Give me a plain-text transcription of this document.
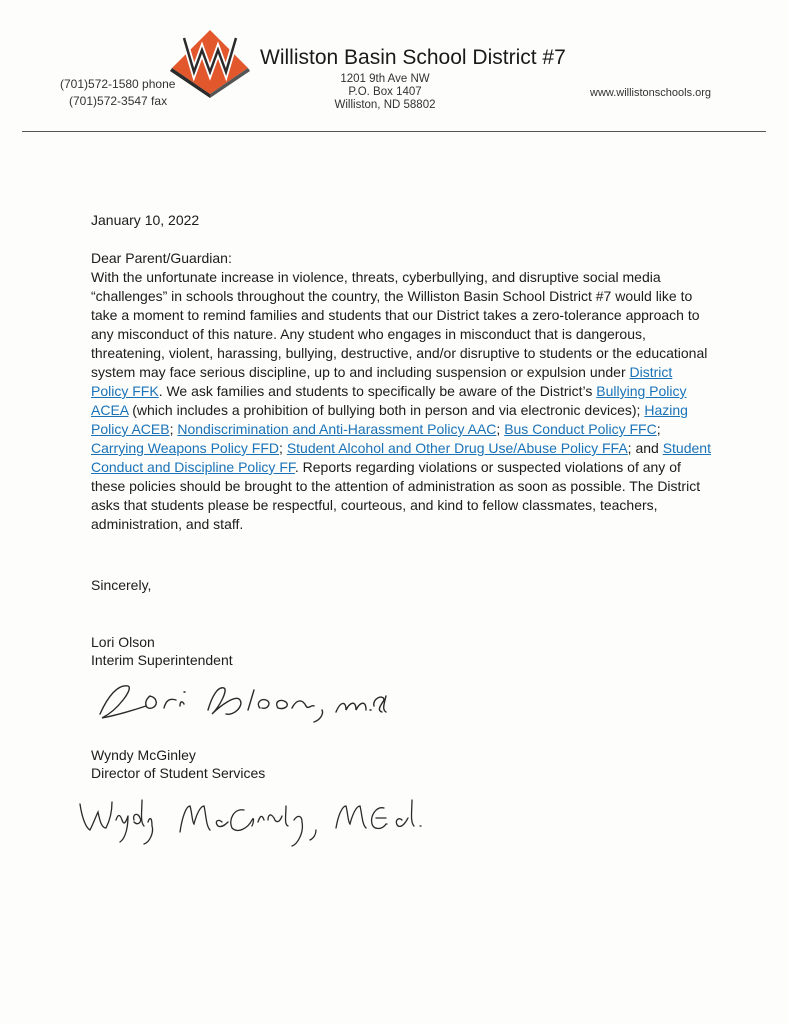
Williston Basin School District #7
(701)572-1580 phone
(701)572-3547 fax
1201 9th Ave NW
P.O. Box 1407
Williston, ND 58802
www.willistonschools.org
January 10, 2022
Dear Parent/Guardian:
With the unfortunate increase in violence, threats, cyberbullying, and disruptive social media “challenges” in schools throughout the country, the Williston Basin School District #7 would like to take a moment to remind families and students that our District takes a zero-tolerance approach to any misconduct of this nature. Any student who engages in misconduct that is dangerous, threatening, violent, harassing, bullying, destructive, and/or disruptive to students or the educational system may face serious discipline, up to and including suspension or expulsion under District Policy FFK. We ask families and students to specifically be aware of the District’s Bullying Policy ACEA (which includes a prohibition of bullying both in person and via electronic devices); Hazing Policy ACEB; Nondiscrimination and Anti-Harassment Policy AAC; Bus Conduct Policy FFC; Carrying Weapons Policy FFD; Student Alcohol and Other Drug Use/Abuse Policy FFA; and Student Conduct and Discipline Policy FF. Reports regarding violations or suspected violations of any of these policies should be brought to the attention of administration as soon as possible. The District asks that students please be respectful, courteous, and kind to fellow classmates, teachers, administration, and staff.
Sincerely,
Lori Olson
Interim Superintendent
Wyndy McGinley
Director of Student Services
